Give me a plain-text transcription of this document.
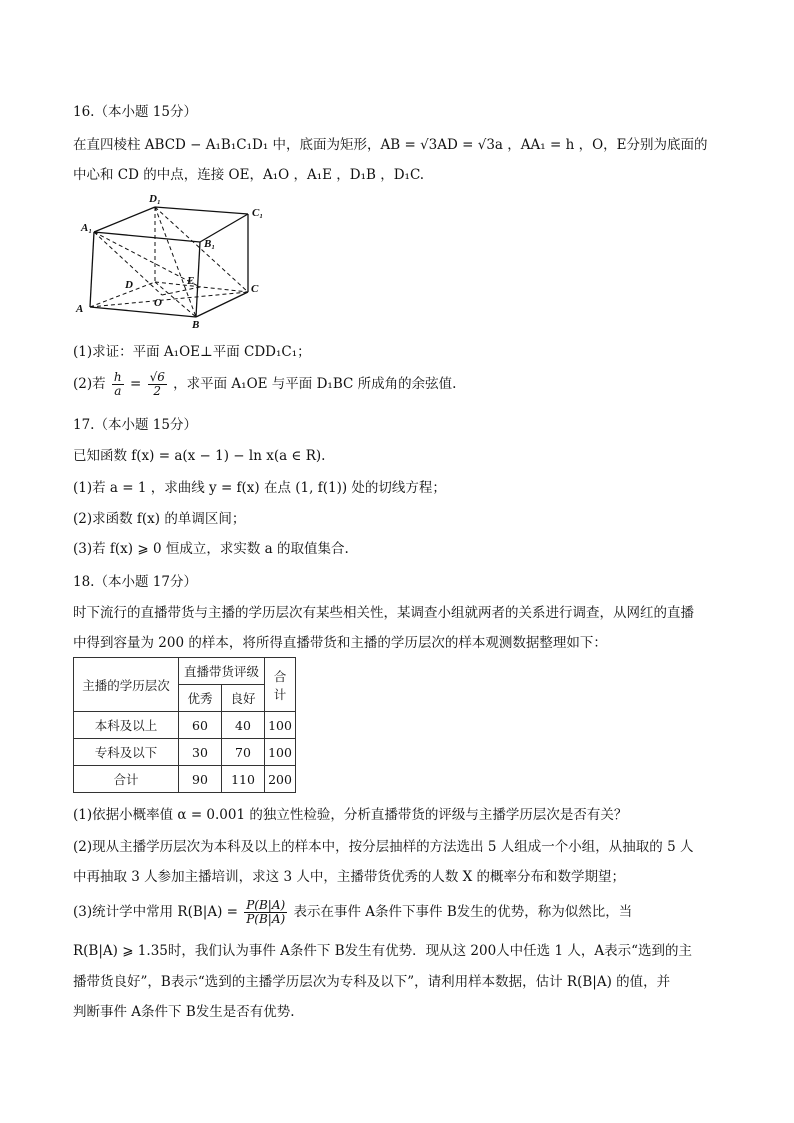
16.（本小题 15分）
在直四棱柱 ABCD − A₁B₁C₁D₁ 中，底面为矩形，AB = √3AD = √3a ，AA₁ = h ，O，E分别为底面的
中心和 CD 的中点，连接 OE，A₁O ，A₁E ，D₁B ，D₁C.
A₁
D₁
C₁
B₁
A
B
C
D	E
O
(1)求证：平面 A₁OE⊥平面 CDD₁C₁；
(2)若 $\frac{h}{a} = \frac{√6}{2}$ ，求平面 A₁OE 与平面 D₁BC 所成角的余弦值.
17.（本小题 15分）
已知函数 f(x) = a(x − 1) − ln x(a ∈ R).
(1)若 a = 1 ，求曲线 y = f(x) 在点 (1, f(1)) 处的切线方程；
(2)求函数 f(x) 的单调区间；
(3)若 f(x) ⩾ 0 恒成立，求实数 a 的取值集合.
18.（本小题 17分）
时下流行的直播带货与主播的学历层次有某些相关性，某调查小组就两者的关系进行调查，从网红的直播
中得到容量为 200 的样本，将所得直播带货和主播的学历层次的样本观测数据整理如下：
主播的学历层次	直播带货评级		合计
	优秀	良好	
本科及以上	60	40	100
专科及以下	30	70	100
合计	90	110	200
(1)依据小概率值 α = 0.001 的独立性检验，分析直播带货的评级与主播学历层次是否有关？
(2)现从主播学历层次为本科及以上的样本中，按分层抽样的方法选出 5 人组成一个小组，从抽取的 5 人
中再抽取 3 人参加主播培训，求这 3 人中，主播带货优秀的人数 X 的概率分布和数学期望；
(3)统计学中常用 $R(B|A) = \frac{P(B|A)}{P(B̄|A)}$ 表示在事件 A条件下事件 B发生的优势，称为似然比，当
R(B|A) ⩾ 1.35时，我们认为事件 A条件下 B发生有优势．现从这 200人中任选 1 人，A表示“选到的主
播带货良好”，B表示“选到的主播学历层次为专科及以下”，请利用样本数据，估计 R(B|A) 的值，并
判断事件 A条件下 B发生是否有优势.
